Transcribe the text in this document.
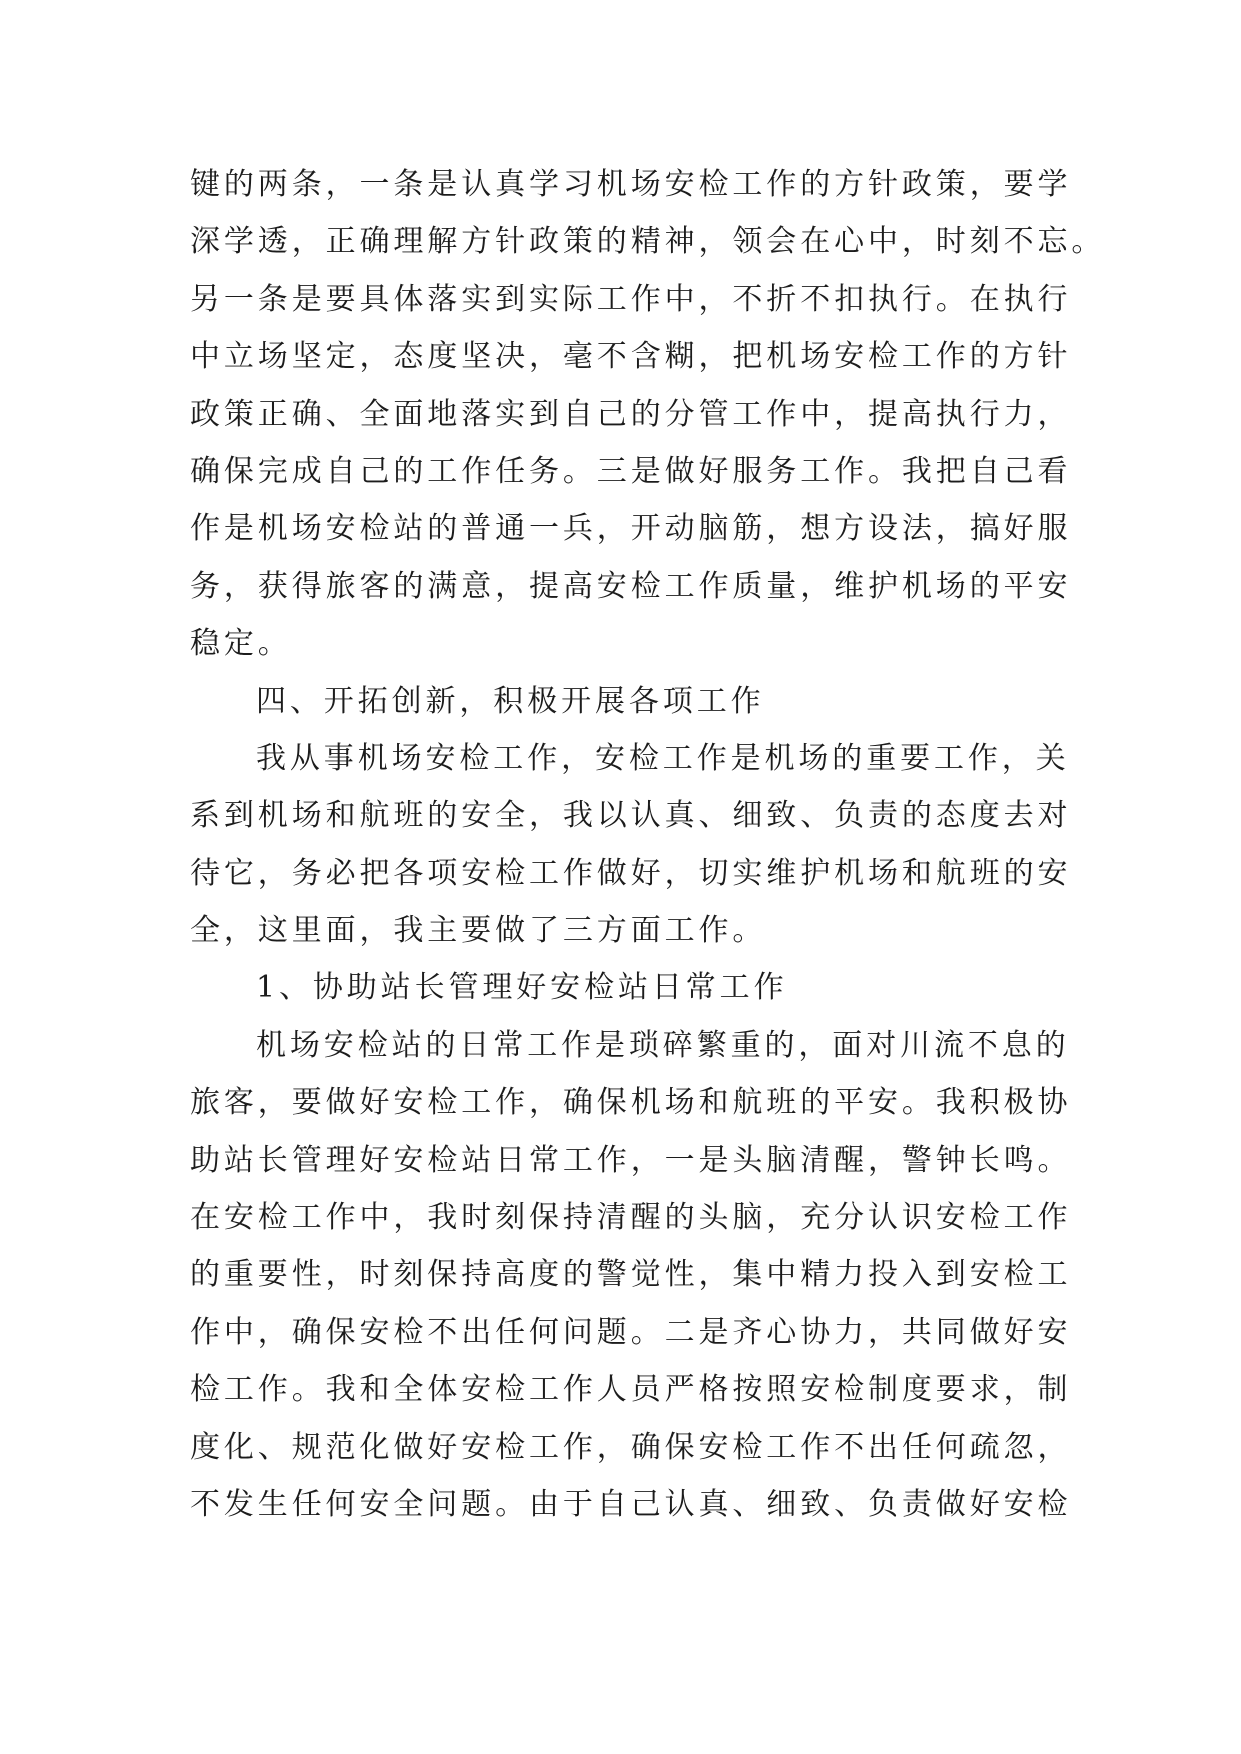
键的两条，一条是认真学习机场安检工作的方针政策，要学
深学透，正确理解方针政策的精神，领会在心中，时刻不忘。
另一条是要具体落实到实际工作中，不折不扣执行。在执行
中立场坚定，态度坚决，毫不含糊，把机场安检工作的方针
政策正确、全面地落实到自己的分管工作中，提高执行力，
确保完成自己的工作任务。三是做好服务工作。我把自己看
作是机场安检站的普通一兵，开动脑筋，想方设法，搞好服
务，获得旅客的满意，提高安检工作质量，维护机场的平安
稳定。
四、开拓创新，积极开展各项工作
我从事机场安检工作，安检工作是机场的重要工作，关
系到机场和航班的安全，我以认真、细致、负责的态度去对
待它，务必把各项安检工作做好，切实维护机场和航班的安
全，这里面，我主要做了三方面工作。
1、协助站长管理好安检站日常工作
机场安检站的日常工作是琐碎繁重的，面对川流不息的
旅客，要做好安检工作，确保机场和航班的平安。我积极协
助站长管理好安检站日常工作，一是头脑清醒，警钟长鸣。
在安检工作中，我时刻保持清醒的头脑，充分认识安检工作
的重要性，时刻保持高度的警觉性，集中精力投入到安检工
作中，确保安检不出任何问题。二是齐心协力，共同做好安
检工作。我和全体安检工作人员严格按照安检制度要求，制
度化、规范化做好安检工作，确保安检工作不出任何疏忽，
不发生任何安全问题。由于自己认真、细致、负责做好安检
